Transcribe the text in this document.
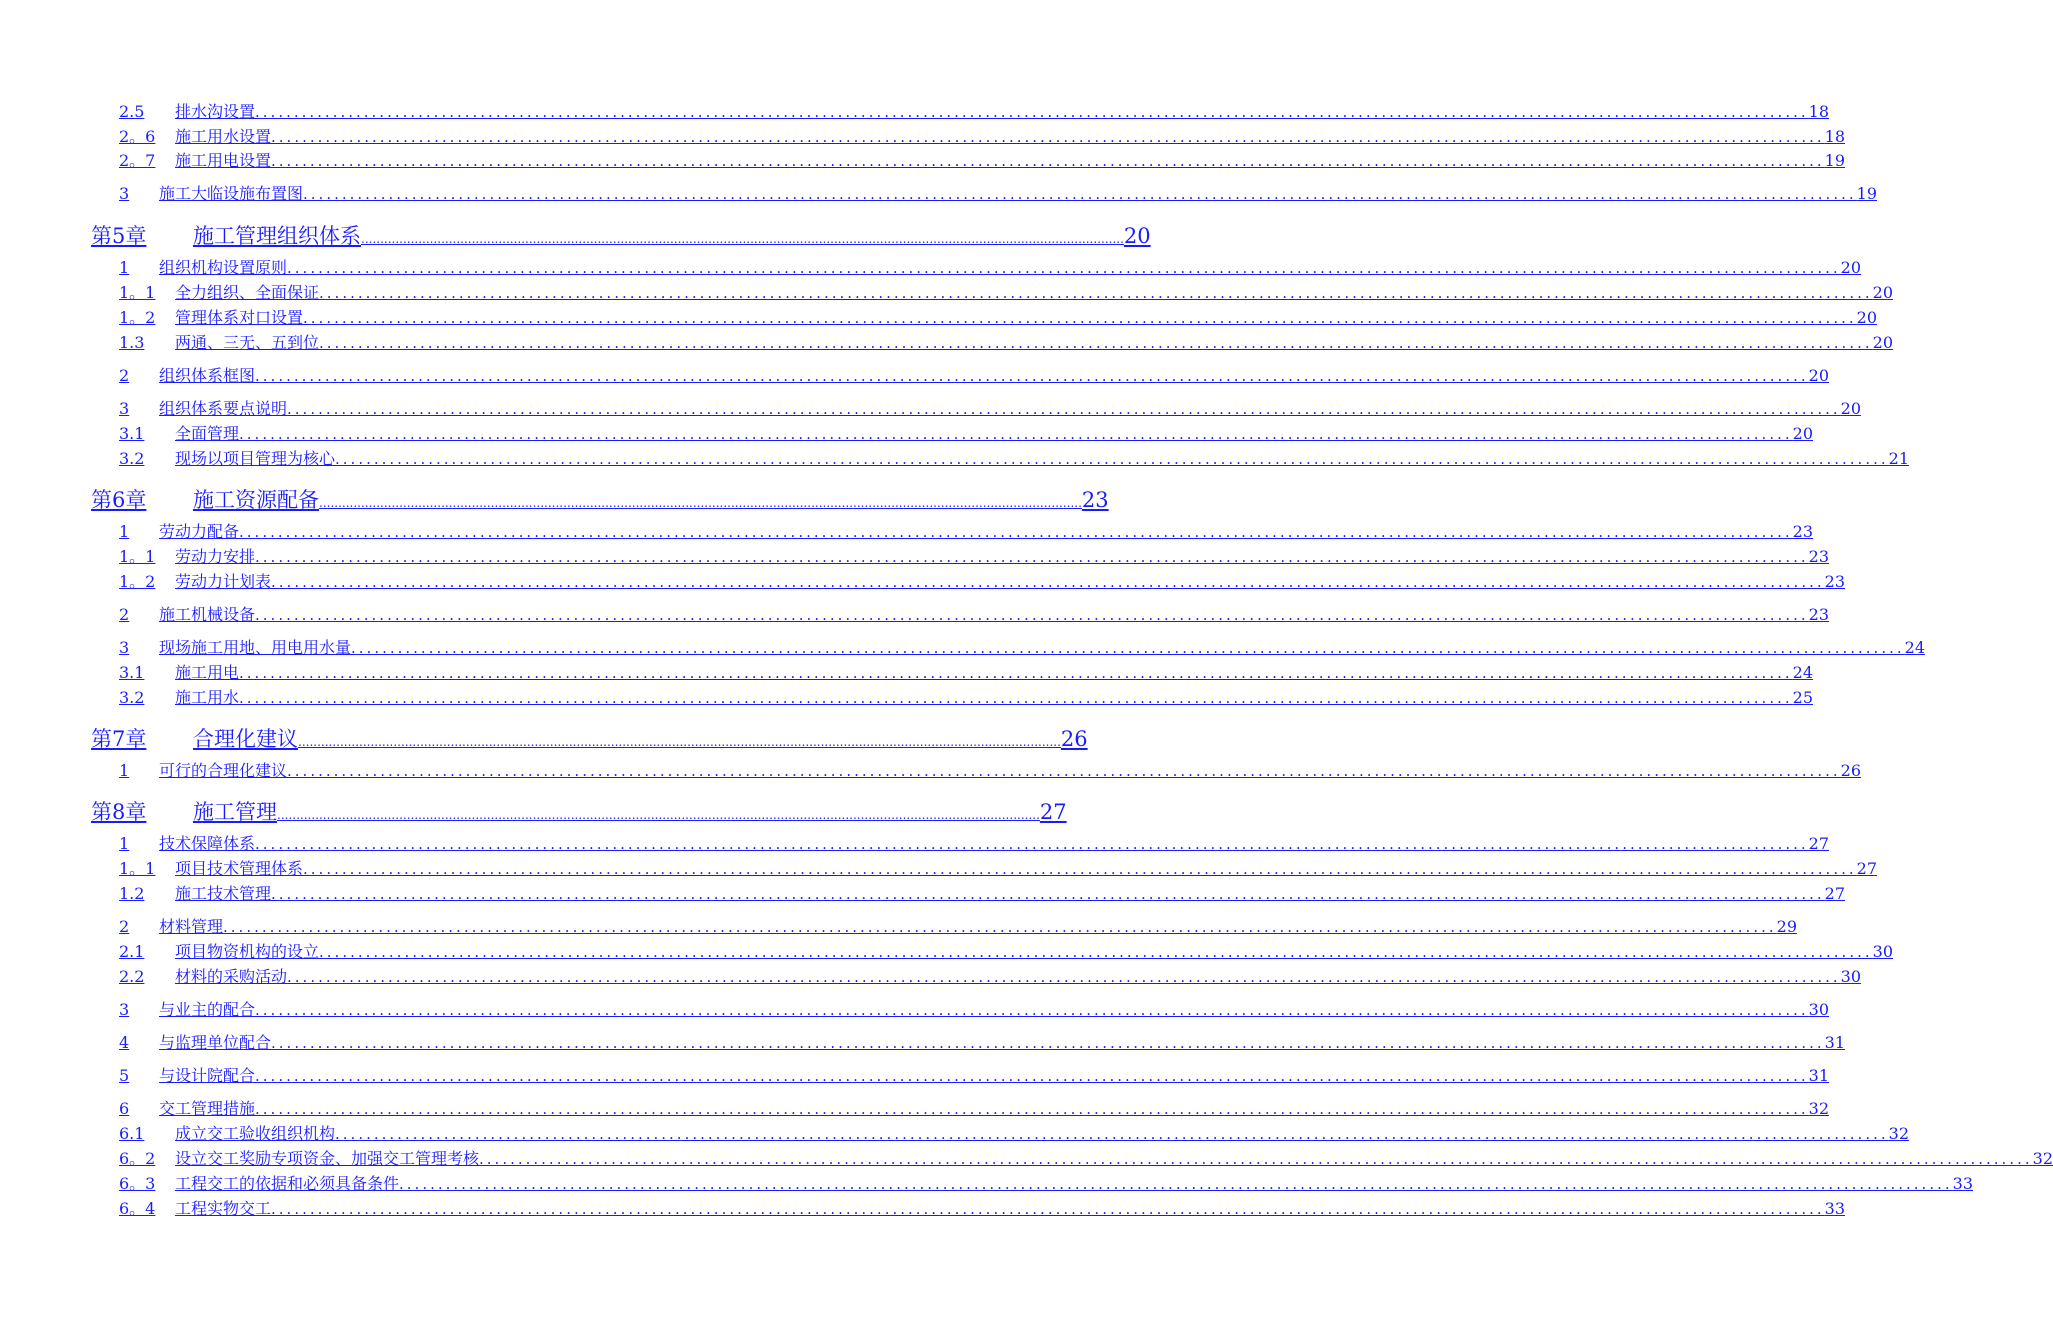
2.5	排水沟设置 ........................................................................................................................................................................................................ 18
2。6	施工用水设置 ........................................................................................................................................................................................................ 18
2。7	施工用电设置 ........................................................................................................................................................................................................ 19
3	施工大临设施布置图 ........................................................................................................................................................................................................ 19
第5章	施工管理组织体系 ........................................................................................................................................................................................................ 20
1	组织机构设置原则 ........................................................................................................................................................................................................ 20
1。1	全力组织、全面保证 ........................................................................................................................................................................................................ 20
1。2	管理体系对口设置 ........................................................................................................................................................................................................ 20
1.3	两通、三无、五到位 ........................................................................................................................................................................................................ 20
2	组织体系框图 ........................................................................................................................................................................................................ 20
3	组织体系要点说明 ........................................................................................................................................................................................................ 20
3.1	全面管理 ........................................................................................................................................................................................................ 20
3.2	现场以项目管理为核心 ........................................................................................................................................................................................................ 21
第6章	施工资源配备 ........................................................................................................................................................................................................ 23
1	劳动力配备 ........................................................................................................................................................................................................ 23
1。1	劳动力安排 ........................................................................................................................................................................................................ 23
1。2	劳动力计划表 ........................................................................................................................................................................................................ 23
2	施工机械设备 ........................................................................................................................................................................................................ 23
3	现场施工用地、用电用水量 ........................................................................................................................................................................................................ 24
3.1	施工用电 ........................................................................................................................................................................................................ 24
3.2	施工用水 ........................................................................................................................................................................................................ 25
第7章	合理化建议 ........................................................................................................................................................................................................ 26
1	可行的合理化建议 ........................................................................................................................................................................................................ 26
第8章	施工管理 ........................................................................................................................................................................................................ 27
1	技术保障体系 ........................................................................................................................................................................................................ 27
1。1	项目技术管理体系 ........................................................................................................................................................................................................ 27
1.2	施工技术管理 ........................................................................................................................................................................................................ 27
2	材料管理 ........................................................................................................................................................................................................ 29
2.1	项目物资机构的设立 ........................................................................................................................................................................................................ 30
2.2	材料的采购活动 ........................................................................................................................................................................................................ 30
3	与业主的配合 ........................................................................................................................................................................................................ 30
4	与监理单位配合 ........................................................................................................................................................................................................ 31
5	与设计院配合 ........................................................................................................................................................................................................ 31
6	交工管理措施 ........................................................................................................................................................................................................ 32
6.1	成立交工验收组织机构 ........................................................................................................................................................................................................ 32
6。2	设立交工奖励专项资金、加强交工管理考核 ........................................................................................................................................................................................................ 32
6。3	工程交工的依据和必须具备条件 ........................................................................................................................................................................................................ 33
6。4	工程实物交工 ........................................................................................................................................................................................................ 33
